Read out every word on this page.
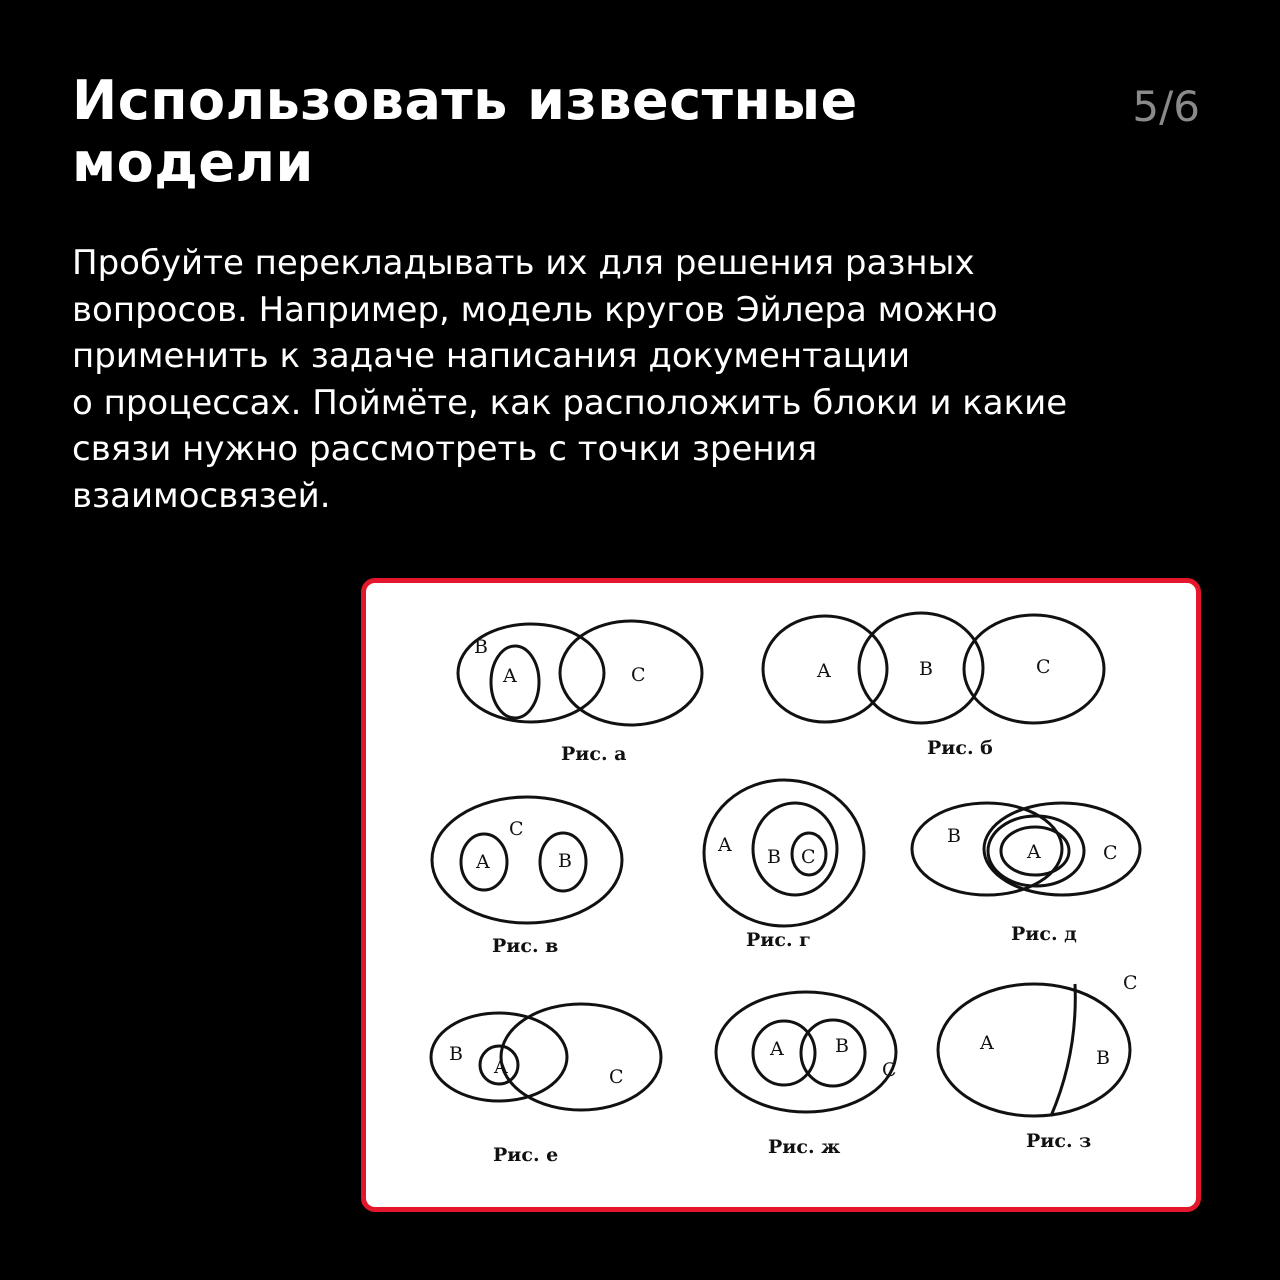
Использовать известные
модели
5/6

Пробуйте перекладывать их для решения разных
вопросов. Например, модель кругов Эйлера можно
применить к задаче написания документации
о процессах. Поймёте, как расположить блоки и какие
связи нужно рассмотреть с точки зрения
взаимосвязей.

B
A	C
Рис. а
A	B	C
Рис. б
C
A	B
Рис. в
A
B C
Рис. г
B
A	C
Рис. д
B
A	C
Рис. е
A	B
C
Рис. ж
C
A
B
Рис. з
